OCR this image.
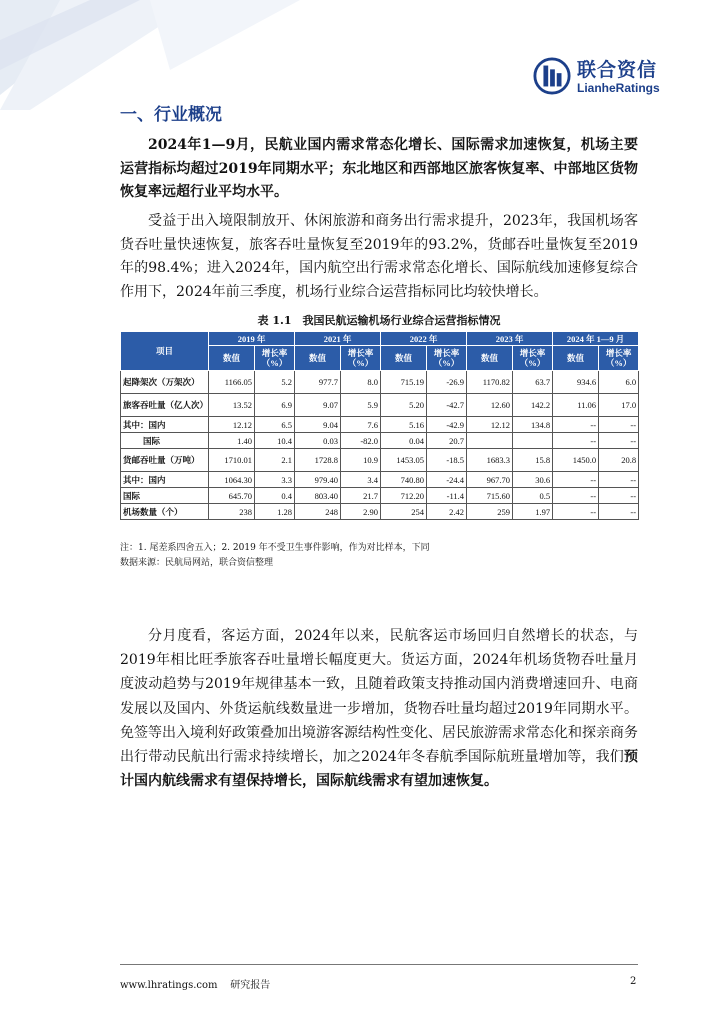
联合资信
LianheRatings
一、行业概况

2024年1—9月，民航业国内需求常态化增长、国际需求加速恢复，机场主要运营指标均超过2019年同期水平；东北地区和西部地区旅客恢复率、中部地区货物恢复率远超行业平均水平。

受益于出入境限制放开、休闲旅游和商务出行需求提升，2023年，我国机场客货吞吐量快速恢复，旅客吞吐量恢复至2019年的93.2%，货邮吞吐量恢复至2019年的98.4%；进入2024年，国内航空出行需求常态化增长、国际航线加速修复综合作用下，2024年前三季度，机场行业综合运营指标同比均较快增长。

表 1.1　我国民航运输机场行业综合运营指标情况
项目	2019 年		2021 年		2022 年		2023 年		2024 年 1—9 月	
	数值	增长率（%）	数值	增长率（%）	数值	增长率（%）	数值	增长率（%）	数值	增长率（%）
起降架次（万架次）	1166.05	5.2	977.7	8.0	715.19	-26.9	1170.82	63.7	934.6	6.0
旅客吞吐量（亿人次）	13.52	6.9	9.07	5.9	5.20	-42.7	12.60	142.2	11.06	17.0
其中：国内	12.12	6.5	9.04	7.6	5.16	-42.9	12.12	134.8	--	--
国际	1.40	10.4	0.03	-82.0	0.04	20.7			--	--
货邮吞吐量（万吨）	1710.01	2.1	1728.8	10.9	1453.05	-18.5	1683.3	15.8	1450.0	20.8
其中：国内	1064.30	3.3	979.40	3.4	740.80	-24.4	967.70	30.6	--	--
国际	645.70	0.4	803.40	21.7	712.20	-11.4	715.60	0.5	--	--
机场数量（个）	238	1.28	248	2.90	254	2.42	259	1.97	--	--
注：1. 尾差系四舍五入；2. 2019 年不受卫生事件影响，作为对比样本，下同
数据来源：民航局网站，联合资信整理

分月度看，客运方面，2024年以来，民航客运市场回归自然增长的状态，与2019年相比旺季旅客吞吐量增长幅度更大。货运方面，2024年机场货物吞吐量月度波动趋势与2019年规律基本一致，且随着政策支持推动国内消费增速回升、电商发展以及国内、外货运航线数量进一步增加，货物吞吐量均超过2019年同期水平。免签等出入境利好政策叠加出境游客源结构性变化、居民旅游需求常态化和探亲商务出行带动民航出行需求持续增长，加之2024年冬春航季国际航班量增加等，我们预计国内航线需求有望保持增长，国际航线需求有望加速恢复。

www.lhratings.com 研究报告	2
